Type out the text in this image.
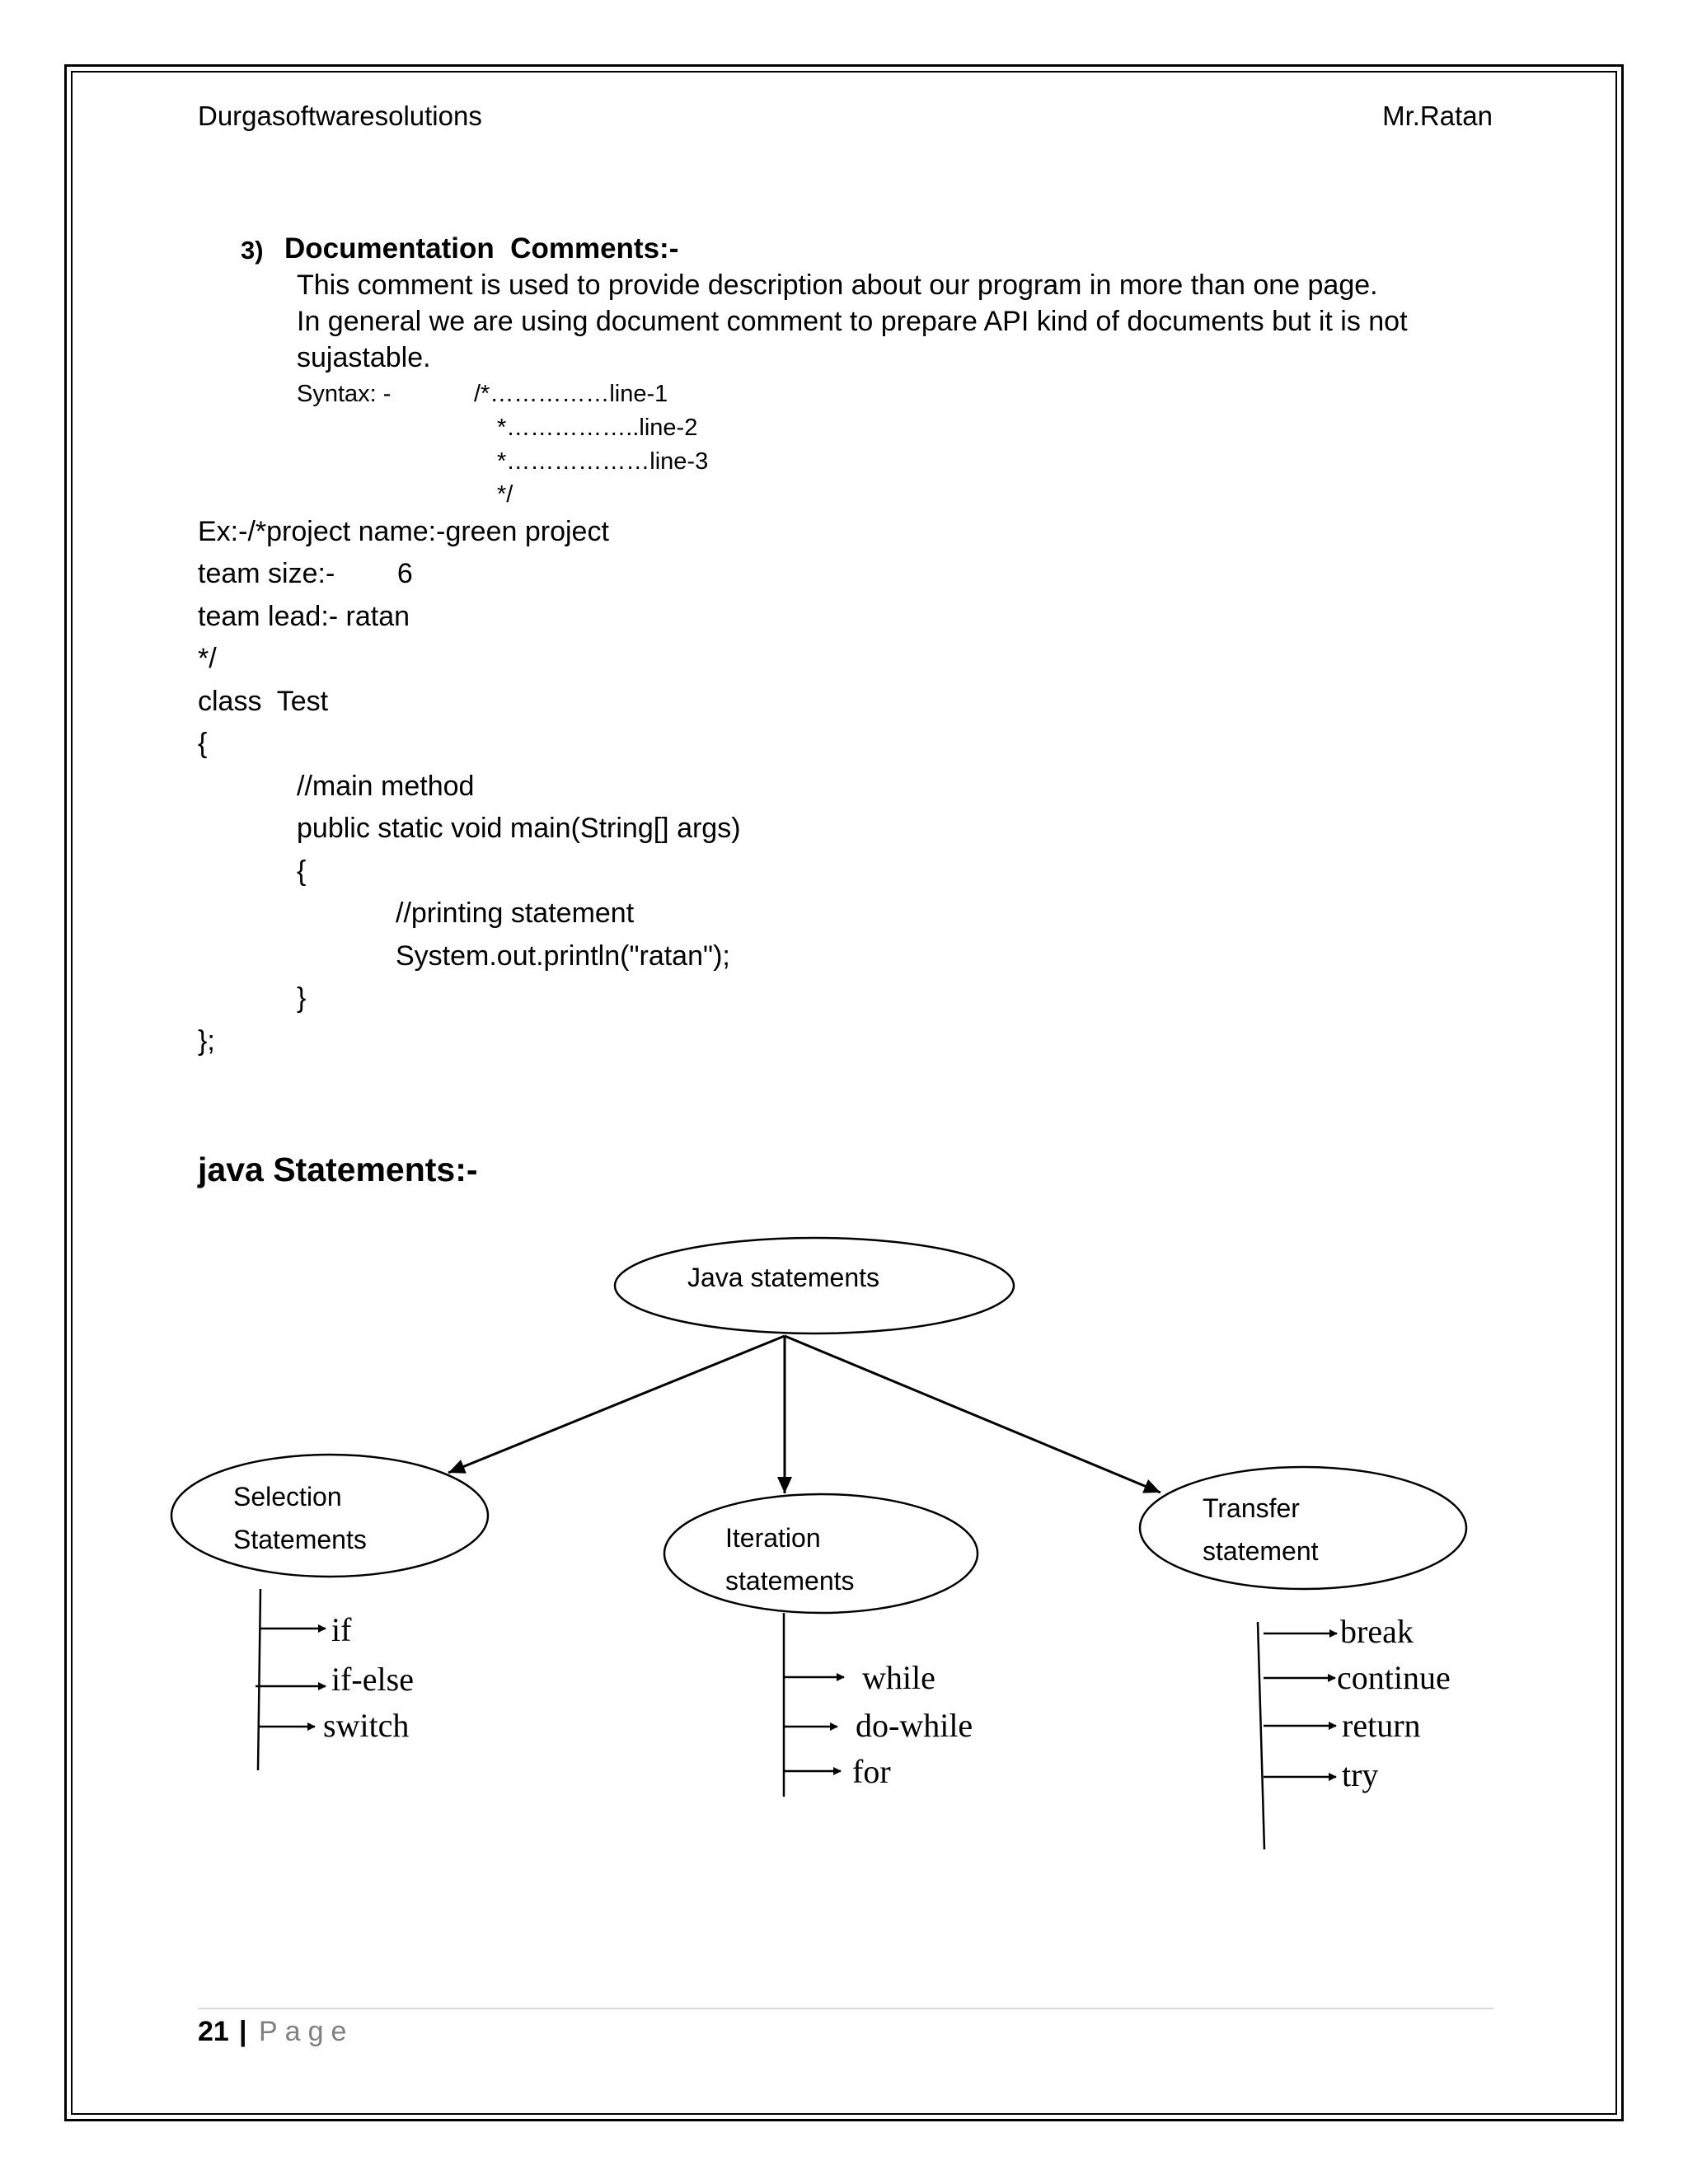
Durgasoftwaresolutions	Mr.Ratan
3) Documentation  Comments:-
This comment is used to provide description about our program in more than one page.
In general we are using document comment to prepare API kind of documents but it is not
sujastable.
Syntax: -	/*……………line-1
*……………..line-2
*………………line-3
*/
Ex:-/*project name:-green project
team size:-        6
team lead:- ratan
*/
class  Test
{
//main method
public static void main(String[] args)
{
//printing statement
System.out.println("ratan");
}
};
java Statements:-
Java statements
Selection
Statements	Iteration
statements
Transfer
statement
if
if-else
switch
while
do-while
for
break
continue
return
try
21 | Page
